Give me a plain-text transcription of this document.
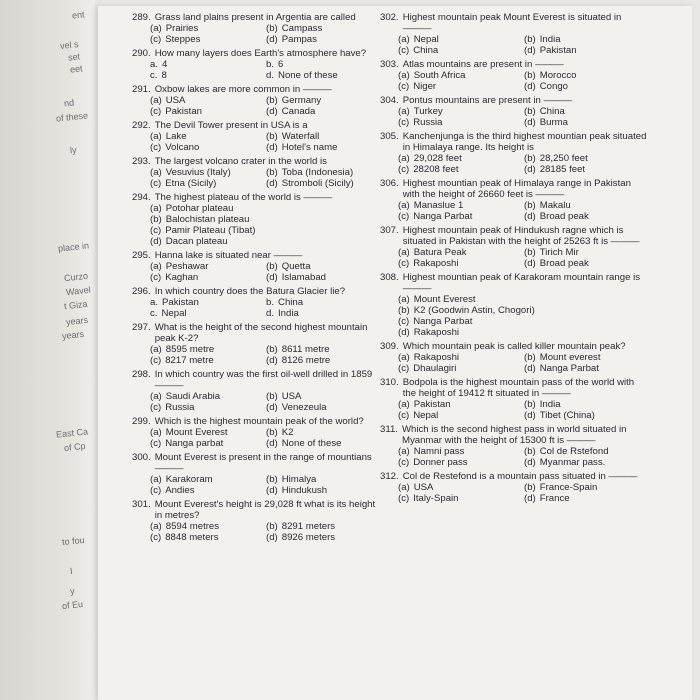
ent
vel s
set
eet
nd
of these
ly
place in
Curzo
Wavel
t Giza
years
years
East Ca
of Cp
to fou
I
y
of Eu
289. Grass land plains present in Argentia are called
(a) Prairies	(b) Campass
(c) Steppes	(d) Pampas
290. How many layers does Earth's atmosphere have?
a. 4	b. 6
c. 8	d. None of these
291. Oxbow lakes are more common in ———
(a) USA	(b) Germany
(c) Pakistan	(d) Canada
292. The Devil Tower present in USA is a
(a) Lake	(b) Waterfall
(c) Volcano	(d) Hotel's name
293. The largest volcano crater in the world is
(a) Vesuvius (Italy)	(b) Toba (Indonesia)
(c) Etna (Sicily)	(d) Stromboli (Sicily)
294. The highest plateau of the world is ———
(a) Potohar plateau
(b) Balochistan plateau
(c) Pamir Plateau (Tibat)
(d) Dacan plateau
295. Hanna lake is situated near ———
(a) Peshawar	(b) Quetta
(c) Kaghan	(d) Islamabad
296. In which country does the Batura Glacier lie?
a. Pakistan	b. China
c. Nepal	d. India
297. What is the height of the second highest mountain peak K-2?
(a) 8595 metre	(b) 8611 metre
(c) 8217 metre	(d) 8126 metre
298. In which country was the first oil-well drilled in 1859 ———
(a) Saudi Arabia	(b) USA
(c) Russia	(d) Venezeula
299. Which is the highest mountain peak of the world?
(a) Mount Everest	(b) K2
(c) Nanga parbat	(d) None of these
300. Mount Everest is present in the range of mountians ———
(a) Karakoram	(b) Himalya
(c) Andies	(d) Hindukush
301. Mount Everest's height is 29,028 ft what is its height in metres?
(a) 8594 metres	(b) 8291 meters
(c) 8848 meters	(d) 8926 meters
302. Highest mountain peak Mount Everest is situated in ———
(a) Nepal	(b) India
(c) China	(d) Pakistan
303. Atlas mountains are present in ———
(a) South Africa	(b) Morocco
(c) Niger	(d) Congo
304. Pontus mountains are present in ———
(a) Turkey	(b) China
(c) Russia	(d) Burma
305. Kanchenjunga is the third highest mountian peak situated in Himalaya range. Its height is
(a) 29,028 feet	(b) 28,250 feet
(c) 28208 feet	(d) 28185 feet
306. Highest mountian peak of Himalaya range in Pakistan with the height of 26660 feet is ———
(a) Manaslue 1	(b) Makalu
(c) Nanga Parbat	(d) Broad peak
307. Highest mountain peak of Hindukush ragne which is situated in Pakistan with the height of 25263 ft is ———
(a) Batura Peak	(b) Tirich Mir
(c) Rakaposhi	(d) Broad peak
308. Highest mountian peak of Karakoram mountain range is ———
(a) Mount Everest
(b) K2 (Goodwin Astin, Chogori)
(c) Nanga Parbat
(d) Rakaposhi
309. Which mountain peak is called killer mountain peak?
(a) Rakaposhi	(b) Mount everest
(c) Dhaulagiri	(d) Nanga Parbat
310. Bodpola is the highest mountain pass of the world with the height of 19412 ft situated in ———
(a) Pakistan	(b) India
(c) Nepal	(d) Tibet (China)
311. Which is the second highest pass in world situated in Myanmar with the height of 15300 ft is ———
(a) Namni pass	(b) Col de Rstefond
(c) Donner pass	(d) Myanmar pass.
312. Col de Restefond is a mountain pass situated in ———
(a) USA	(b) France-Spain
(c) Italy-Spain	(d) France
